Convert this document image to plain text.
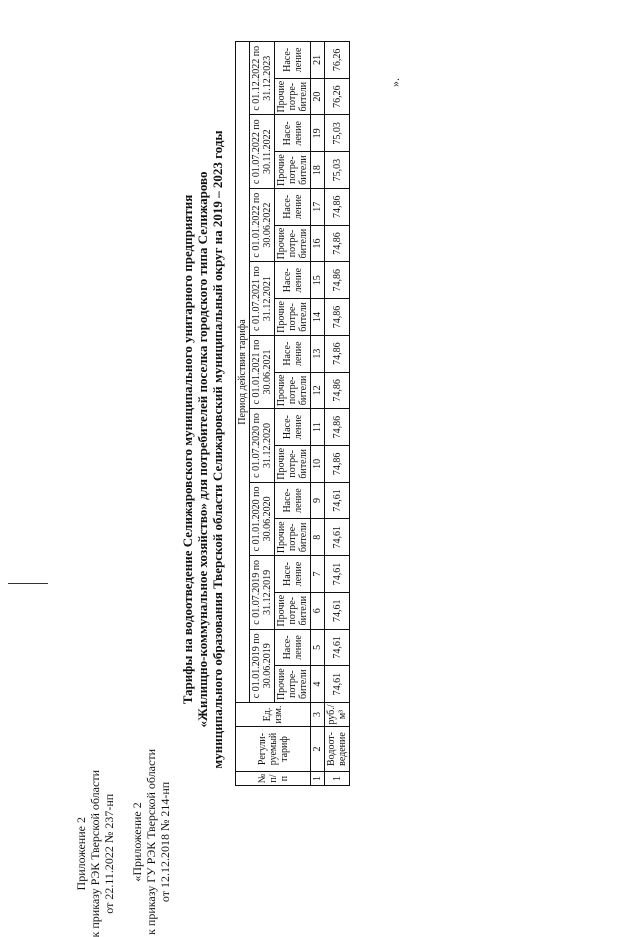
Приложение 2 к приказу РЭК Тверской области от 22.11.2022 № 237-нп «Приложение 2 к приказу ГУ РЭК Тверской области от 12.12.2018 № 214-нп
Тарифы на водоотведение Селижаровского муниципального унитарного предприятия «Жилищно-коммунальное хозяйство» для потребителей поселка городского типа Селижарово муниципального образования Тверской области Селижаровский муниципальный округ на 2019 – 2023 годы
№ п/п	Регули-руемый тариф	Ед. изм.	Период действия тарифа																	
			с 01.01.2019 по 30.06.2019		с 01.07.2019 по 31.12.2019		с 01.01.2020 по 30.06.2020		с 01.07.2020 по 31.12.2020		с 01.01.2021 по 30.06.2021		с 01.07.2021 по 31.12.2021		с 01.01.2022 по 30.06.2022		с 01.07.2022 по 30.11.2022		с 01.12.2022 по 31.12.2023	
			Прочие потре-бители	Насе-ление	Прочие потре-бители	Насе-ление	Прочие потре-бители	Насе-ление	Прочие потре-бители	Насе-ление	Прочие потре-бители	Насе-ление	Прочие потре-бители	Насе-ление	Прочие потре-бители	Насе-ление	Прочие потре-бители	Насе-ление	Прочие потре-бители	Насе-ление
1	2	3	4	5	6	7	8	9	10	11	12	13	14	15	16	17	18	19	20	21
1	Водоот-ведение	руб./м³	74,61	74,61	74,61	74,61	74,61	74,61	74,86	74,86	74,86	74,86	74,86	74,86	74,86	74,86	75,03	75,03	76,26	76,26
».
